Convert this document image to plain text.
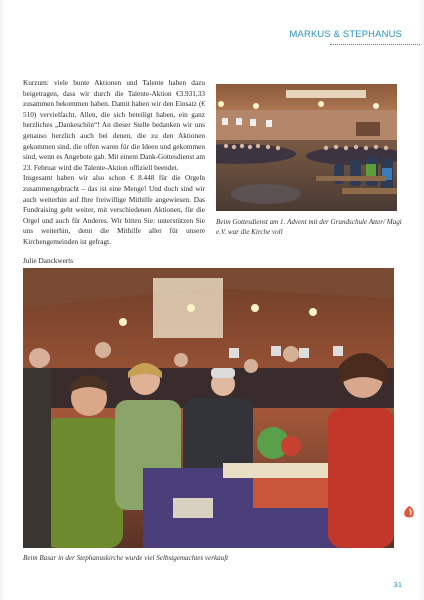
MARKUS & STEPHANUS

Kurzum: viele bunte Aktionen und Talente haben dazu beigetragen, dass wir durch die Talente-Aktion €3.931,33 zusammen bekommen haben. Damit haben wir den Einsatz (€ 510) vervielfacht. Allen, die sich beteiligt haben, ein ganz herzliches „Dankeschön“! An dieser Stelle bedanken wir uns genauso herzlich auch bei denen, die zu den Aktionen gekommen sind, die offen waren für die Ideen und gekommen sind, wenn es Angebote gab. Mit einem Dank-Gottesdienst am 23. Februar wird die Talente-Aktion offiziell beendet.

Insgesamt haben wir also schon € 8.448 für die Orgeln zusammengebracht – das ist eine Menge! Und doch sind wir auch weiterhin auf Ihre freiwillige Mithilfe angewiesen. Das Fundraising geht weiter, mit verschiedenen Aktionen, für die Orgel und auch für Anderes. Wir bitten Sie: unterstützen Sie uns weiterhin, denn die Mithilfe aller für unsere Kirchengemeinden ist gefragt.

Julie Danckwerts
Beim Gottesdienst am 1. Advent mit der Grundschule Atter/ Magi e.V. war die Kirche voll
Beim Basar in der Stephanuskirche wurde viel Selbstgemachtes verkauft
31
